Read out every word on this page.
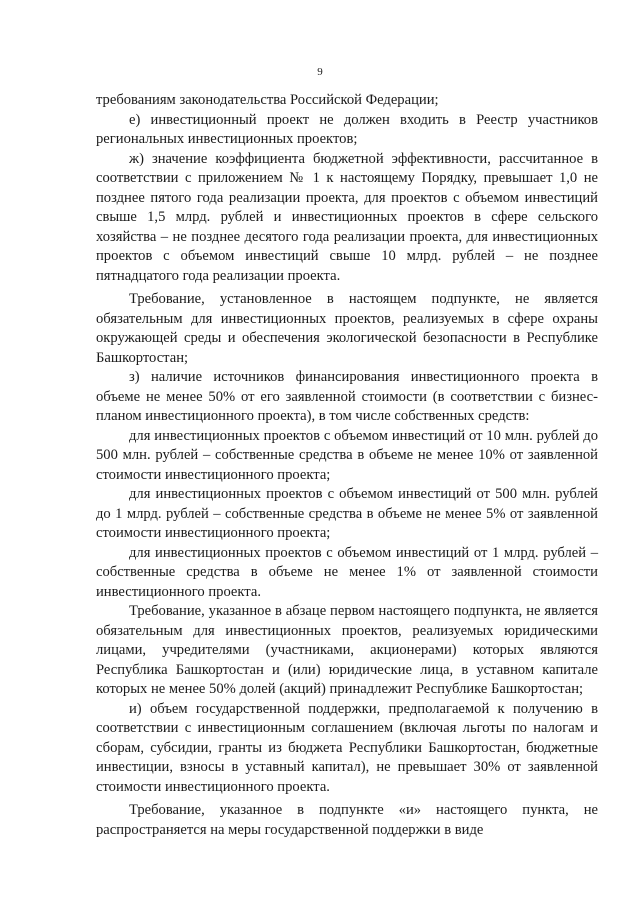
9

требованиям законодательства Российской Федерации;

е) инвестиционный проект не должен входить в Реестр участников региональных инвестиционных проектов;

ж) значение коэффициента бюджетной эффективности, рассчитанное в соответствии с приложением № 1 к настоящему Порядку, превышает 1,0 не позднее пятого года реализации проекта, для проектов с объемом инвестиций свыше 1,5 млрд. рублей и инвестиционных проектов в сфере сельского хозяйства – не позднее десятого года реализации проекта, для инвестиционных проектов с объемом инвестиций свыше 10 млрд. рублей – не позднее пятнадцатого года реализации проекта.

Требование, установленное в настоящем подпункте, не является обязательным для инвестиционных проектов, реализуемых в сфере охраны окружающей среды и обеспечения экологической безопасности в Республике Башкортостан;

з) наличие источников финансирования инвестиционного проекта в объеме не менее 50% от его заявленной стоимости (в соответствии с бизнес-планом инвестиционного проекта), в том числе собственных средств:

для инвестиционных проектов с объемом инвестиций от 10 млн. рублей до 500 млн. рублей – собственные средства в объеме не менее 10% от заявленной стоимости инвестиционного проекта;

для инвестиционных проектов с объемом инвестиций от 500 млн. рублей до 1 млрд. рублей – собственные средства в объеме не менее 5% от заявленной стоимости инвестиционного проекта;

для инвестиционных проектов с объемом инвестиций от 1 млрд. рублей – собственные средства в объеме не менее 1% от заявленной стоимости инвестиционного проекта.

Требование, указанное в абзаце первом настоящего подпункта, не является обязательным для инвестиционных проектов, реализуемых юридическими лицами, учредителями (участниками, акционерами) которых являются Республика Башкортостан и (или) юридические лица, в уставном капитале которых не менее 50% долей (акций) принадлежит Республике Башкортостан;

и) объем государственной поддержки, предполагаемой к получению в соответствии с инвестиционным соглашением (включая льготы по налогам и сборам, субсидии, гранты из бюджета Республики Башкортостан, бюджетные инвестиции, взносы в уставный капитал), не превышает 30% от заявленной стоимости инвестиционного проекта.

Требование, указанное в подпункте «и» настоящего пункта, не распространяется на меры государственной поддержки в виде
